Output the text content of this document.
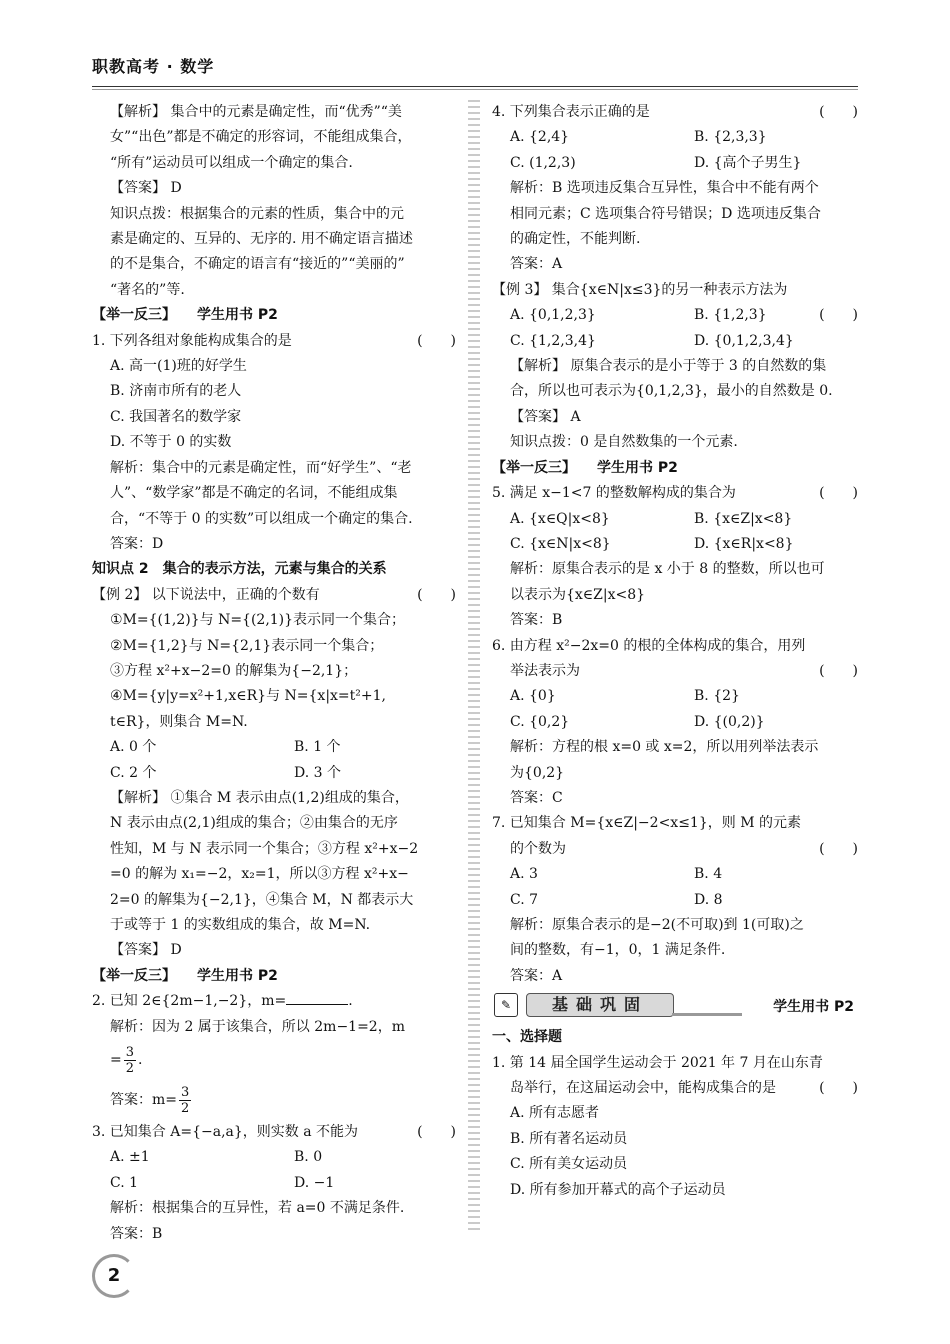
职教高考 · 数学
【解析】 集合中的元素是确定性，而“优秀”“美
女”“出色”都是不确定的形容词，不能组成集合，
“所有”运动员可以组成一个确定的集合.
【答案】 D
知识点拨：根据集合的元素的性质，集合中的元
素是确定的、互异的、无序的. 用不确定语言描述
的不是集合，不确定的语言有“接近的”“美丽的”
“著名的”等.
【举一反三】　　学生用书 P2
1. 下列各组对象能构成集合的是	(　　)
A. 高一(1)班的好学生
B. 济南市所有的老人
C. 我国著名的数学家
D. 不等于 0 的实数
解析：集合中的元素是确定性，而“好学生”、“老
人”、“数学家”都是不确定的名词，不能组成集
合，“不等于 0 的实数”可以组成一个确定的集合.
答案：D
知识点 2　集合的表示方法，元素与集合的关系
【例 2】 以下说法中，正确的个数有	(　　)
①M={(1,2)}与 N={(2,1)}表示同一个集合；
②M={1,2}与 N={2,1}表示同一个集合；
③方程 x²+x−2=0 的解集为{−2,1}；
④M={y|y=x²+1,x∈R}与 N={x|x=t²+1,
t∈R}，则集合 M=N.
A. 0 个	B. 1 个
C. 2 个	D. 3 个
【解析】 ①集合 M 表示由点(1,2)组成的集合，
N 表示由点(2,1)组成的集合；②由集合的无序
性知，M 与 N 表示同一个集合；③方程 x²+x−2
=0 的解为 x₁=−2，x₂=1，所以③方程 x²+x−
2=0 的解集为{−2,1}，④集合 M，N 都表示大
于或等于 1 的实数组成的集合，故 M=N.
【答案】 D
【举一反三】　　学生用书 P2
2. 已知 2∈{2m−1,−2}，m=	.
解析：因为 2 属于该集合，所以 2m−1=2，m
= $\frac{3}{2}$ .
答案：$m= \frac{3}{2}$
3. 已知集合 A={−a,a}，则实数 a 不能为	(　　)
A. ±1	B. 0
C. 1	D. −1
解析：根据集合的互异性，若 a=0 不满足条件.
答案：B
4. 下列集合表示正确的是	(　　)
A. {2,4}	B. {2,3,3}
C. (1,2,3)	D. {高个子男生}
解析：B 选项违反集合互异性，集合中不能有两个
相同元素；C 选项集合符号错误；D 选项违反集合
的确定性，不能判断.
答案：A
【例 3】 集合{x∈N|x≤3}的另一种表示方法为
(　　)
A. {0,1,2,3}	B. {1,2,3}
C. {1,2,3,4}	D. {0,1,2,3,4}
【解析】 原集合表示的是小于等于 3 的自然数的集
合，所以也可表示为{0,1,2,3}，最小的自然数是 0.
【答案】 A
知识点拨：0 是自然数集的一个元素.
【举一反三】　　学生用书 P2
5. 满足 x−1<7 的整数解构成的集合为	(　　)
A. {x∈Q|x<8}	B. {x∈Z|x<8}
C. {x∈N|x<8}	D. {x∈R|x<8}
解析：原集合表示的是 x 小于 8 的整数，所以也可
以表示为{x∈Z|x<8}
答案：B
6. 由方程 x²−2x=0 的根的全体构成的集合，用列
举法表示为	(　　)
A. {0}	B. {2}
C. {0,2}	D. {(0,2)}
解析：方程的根 x=0 或 x=2，所以用列举法表示
为{0,2}
答案：C
7. 已知集合 M={x∈Z|−2<x≤1}，则 M 的元素
的个数为	(　　)
A. 3	B. 4
C. 7	D. 8
解析：原集合表示的是−2(不可取)到 1(可取)之
间的整数，有−1，0，1 满足条件.
答案：A
✎	基础巩固	学生用书 P2
一、选择题
1. 第 14 届全国学生运动会于 2021 年 7 月在山东青
岛举行，在这届运动会中，能构成集合的是	(　　)
A. 所有志愿者
B. 所有著名运动员
C. 所有美女运动员
D. 所有参加开幕式的高个子运动员
2
